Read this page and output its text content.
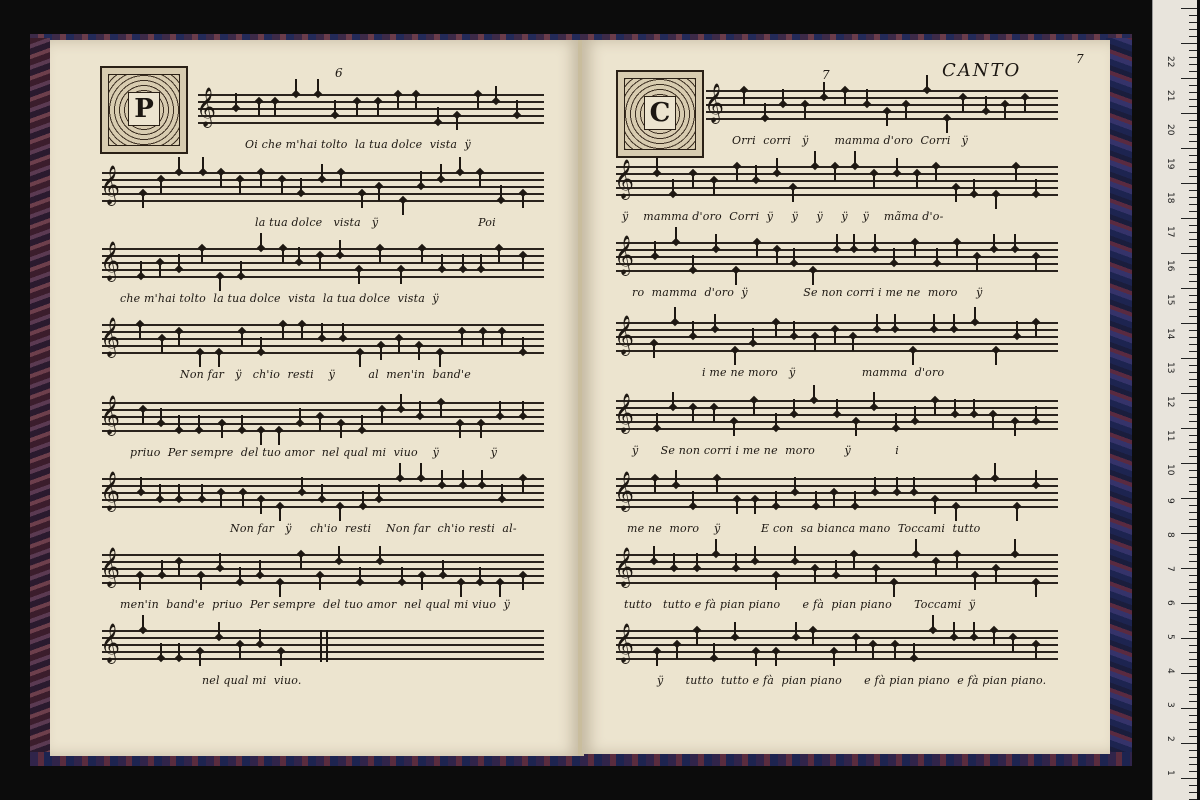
P
6
𝄞
Oi che m'hai tolto  la tua dolce  vista  ÿ
𝄞
la tua dolce   vista   ÿ                           Poi
𝄞
che m'hai tolto  la tua dolce  vista  la tua dolce  vista  ÿ
𝄞
Non far   ÿ   ch'io  resti    ÿ         al  men'in  band'e
𝄞
priuo  Per sempre  del tuo amor  nel qual mi  viuo    ÿ              ÿ
𝄞
Non far   ÿ     ch'io  resti    Non far  ch'io resti  al-
𝄞
men'in  band'e  priuo  Per sempre  del tuo amor  nel qual mi viuo  ÿ
𝄞
nel qual mi  viuo.
C
7	CANTO
7
𝄞
Orri  corri   ÿ       mamma d'oro  Corri   ÿ
𝄞
ÿ    mamma d'oro  Corri  ÿ     ÿ     ÿ     ÿ    ÿ    mãma d'o-
𝄞
ro  mamma  d'oro  ÿ               Se non corri i me ne  moro     ÿ
𝄞
i me ne moro   ÿ                  mamma  d'oro
𝄞
ÿ      Se non corri i me ne  moro        ÿ            i
𝄞
me ne  moro    ÿ           E con  sa bianca mano  Toccami  tutto
𝄞
tutto   tutto e fà pian piano      e fà  pian piano      Toccami  ÿ
𝄞
ÿ      tutto  tutto e fà  pian piano      e fà pian piano  e fà pian piano.
1
2
3
4
5
6
7
8
9
10
11
12
13
14
15
16
17
18
19
20
21
22
